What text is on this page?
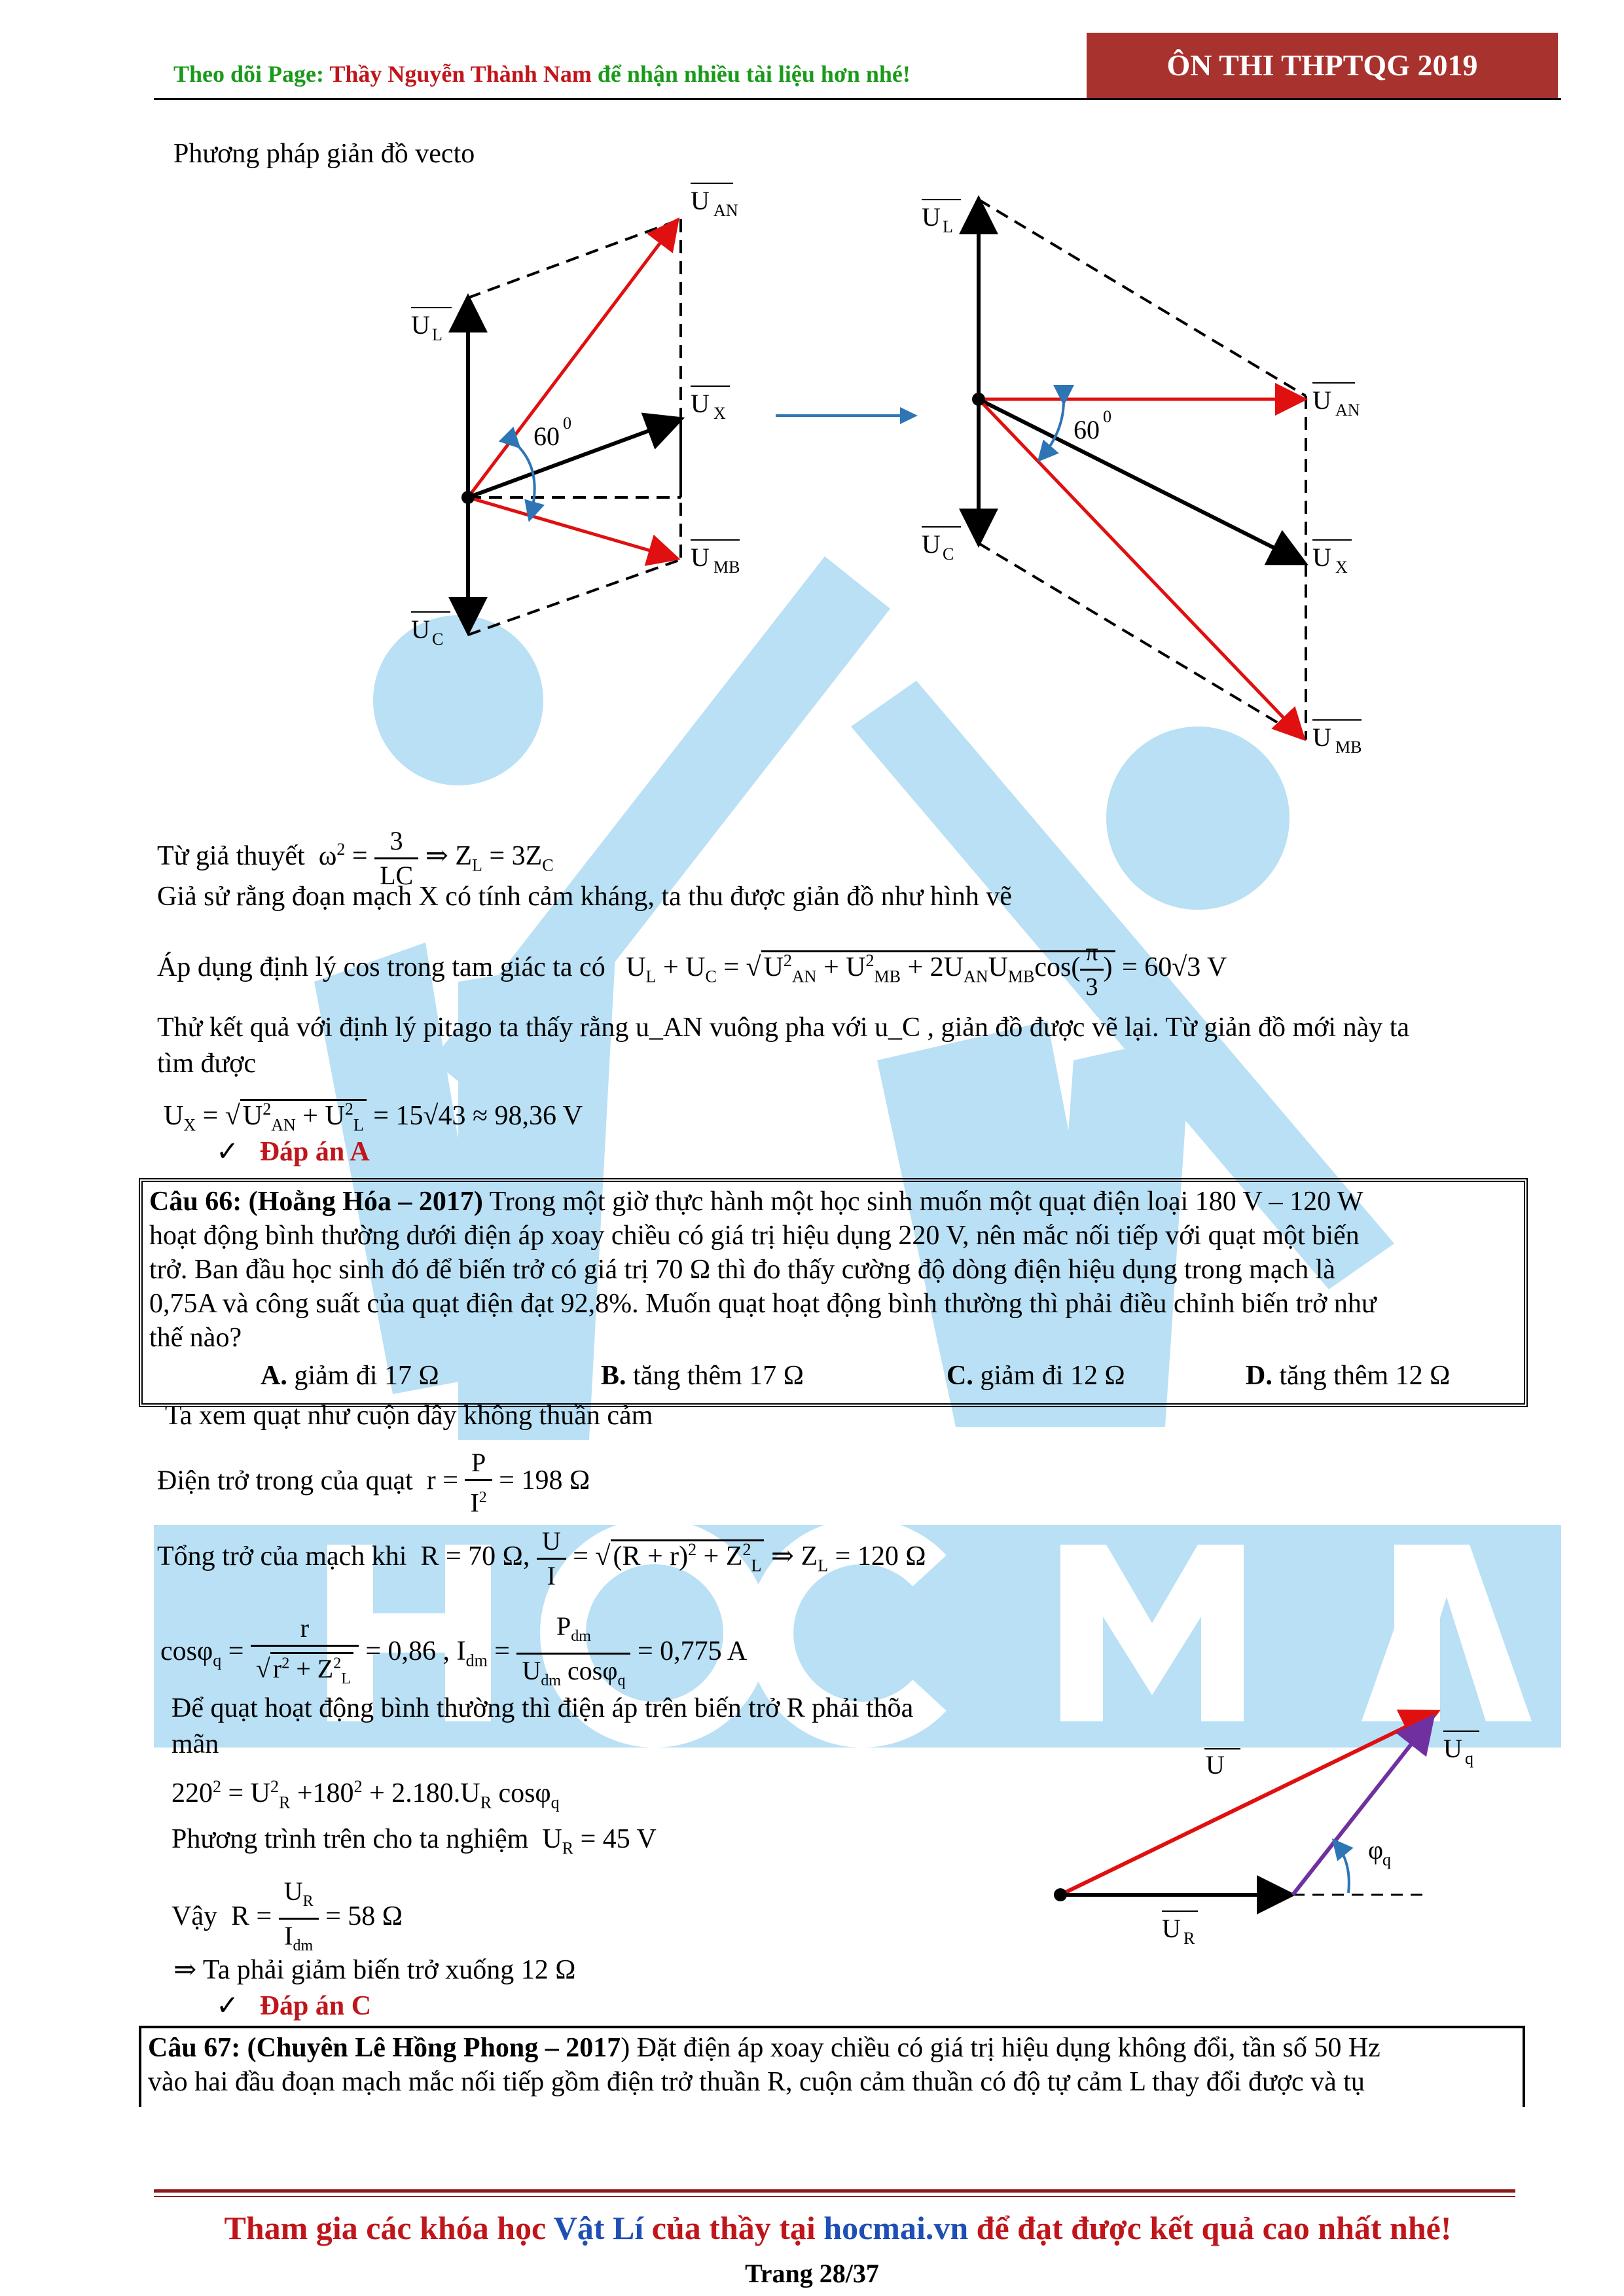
Theo dõi Page: Thầy Nguyễn Thành Nam để nhận nhiều tài liệu hơn nhé!	ÔN THI THPTQG 2019
Phương pháp giản đồ vecto
U L
U AN
U X
U MB
U C
60 0
U L
U AN
U C	U X
U MB
60 0
Từ giả thuyết $\omega^2 = \frac{3}{LC}$ ⇒ $Z_L = 3Z_C$
Giả sử rằng đoạn mạch X có tính cảm kháng, ta thu được giản đồ như hình vẽ
Áp dụng định lý cos trong tam giác ta có $U_L + U_C = √U^2_{AN} + U^2_{MB} + 2U_{AN}U_{MB}\cos( \frac{\pi}{3}$ ) = 60√3 V
Thử kết quả với định lý pitago ta thấy rằng u_AN vuông pha với u_C , giản đồ được vẽ lại. Từ giản đồ mới này ta
tìm được
$U_X = √U^2_{AN} + U^2_L = 15√43 \approx 98,36$ V
✓ Đáp án A
Câu 66: (Hoằng Hóa – 2017) Trong một giờ thực hành một học sinh muốn một quạt điện loại 180 V – 120 W
hoạt động bình thường dưới điện áp xoay chiều có giá trị hiệu dụng 220 V, nên mắc nối tiếp với quạt một biến
trở. Ban đầu học sinh đó để biến trở có giá trị 70 Ω thì đo thấy cường độ dòng điện hiệu dụng trong mạch là
0,75A và công suất của quạt điện đạt 92,8%. Muốn quạt hoạt động bình thường thì phải điều chỉnh biến trở như
thế nào?
A. giảm đi 17 Ω	B. tăng thêm 17 Ω	C. giảm đi 12 Ω	D. tăng thêm 12 Ω
Ta xem quạt như cuộn dây không thuần cảm
Điện trở trong của quạt $r = \frac{P}{I^2} = 198$ Ω
Tổng trở của mạch khi R = 70 Ω, $\frac{U}{I} = √(R + r)^2 + Z^2_L$ ⇒ $Z_L = 120$ Ω
$\cos\varphi_q = \frac{r}{√ r^2 + Z^2_L} = 0,86$ , $I_{dm} = \frac{P_{dm}}{U_{dm} \cos\varphi_q} = 0,775$ A
Để quạt hoạt động bình thường thì điện áp trên biến trở R phải thõa
mãn
$220^2 = U^2_R +180^2 + 2.180.U_R$ cosφ$_q$
Phương trình trên cho ta nghiệm $U_R = 45$ V
Vậy $R = \frac{U_R}{I_{dm}} = 58$ Ω
⇒ Ta phải giảm biến trở xuống 12 Ω
✓ Đáp án C
U
U q
U R
φ
q
Câu 67: (Chuyên Lê Hồng Phong – 2017) Đặt điện áp xoay chiều có giá trị hiệu dụng không đổi, tần số 50 Hz
vào hai đầu đoạn mạch mắc nối tiếp gồm điện trở thuần R, cuộn cảm thuần có độ tự cảm L thay đổi được và tụ
Tham gia các khóa học Vật Lí của thầy tại hocmai.vn để đạt được kết quả cao nhất nhé!
Trang 28/37
